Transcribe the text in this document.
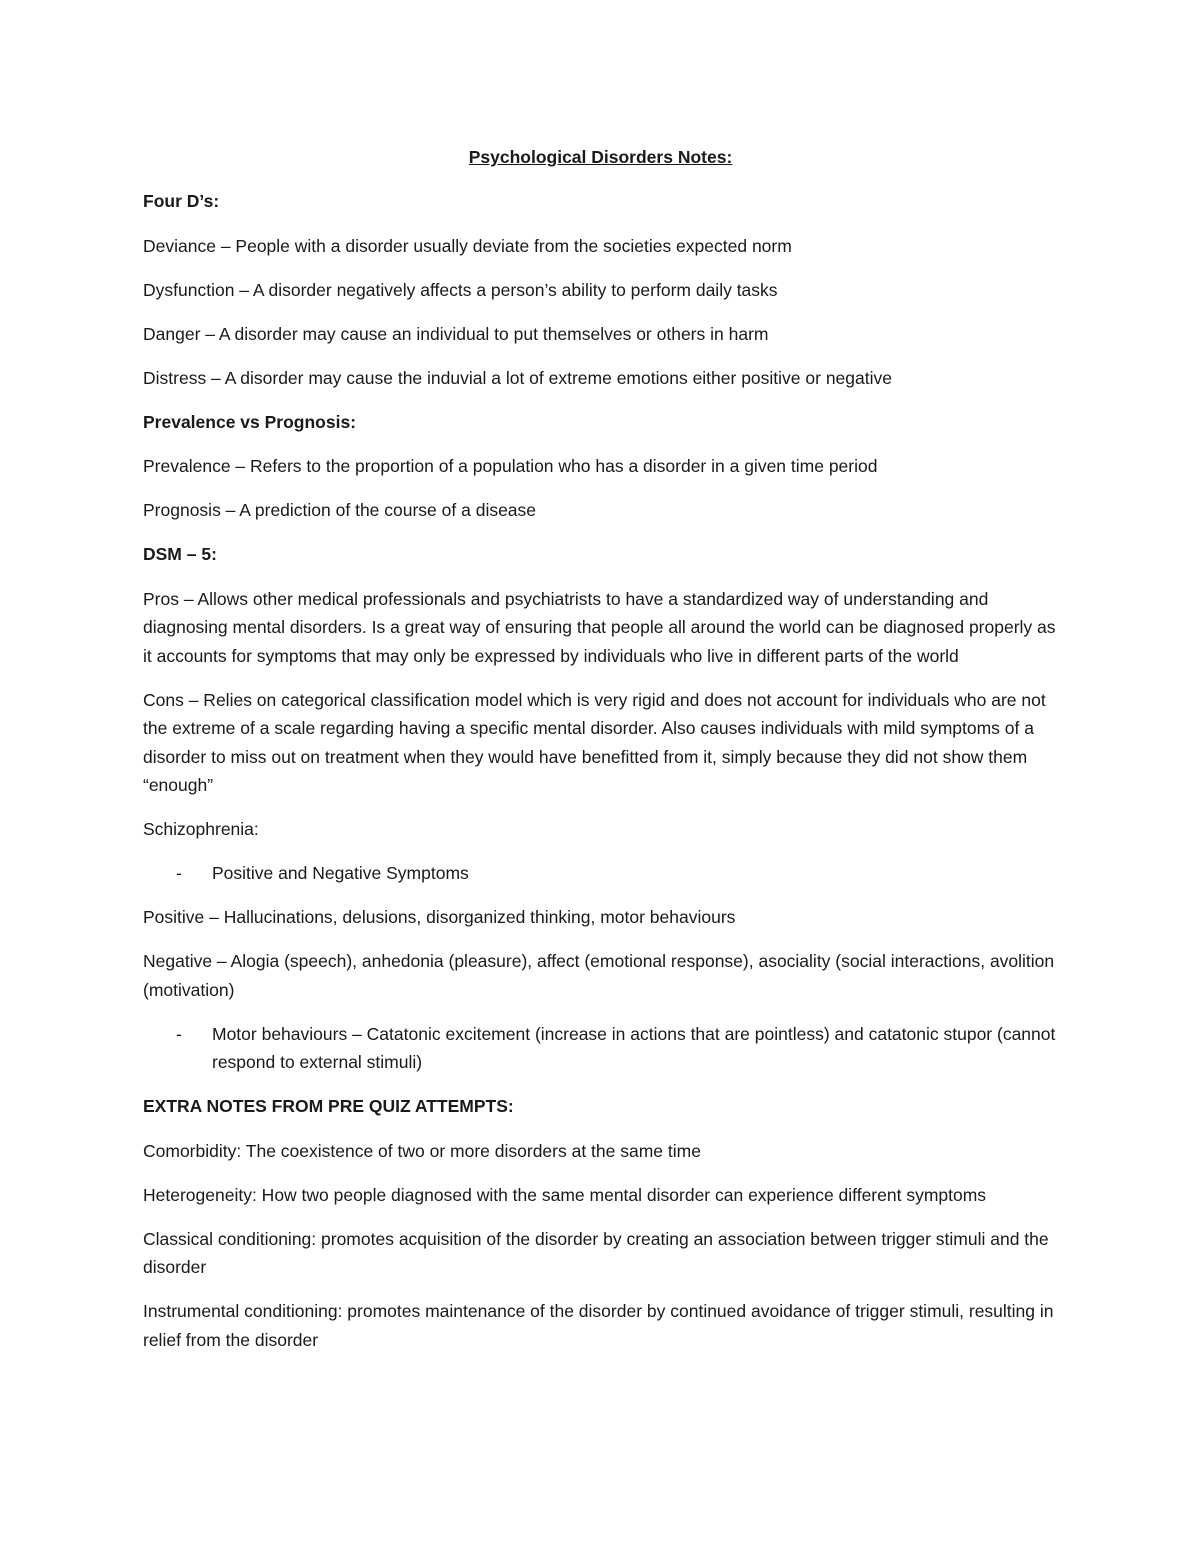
Psychological Disorders Notes:
Four D’s:
Deviance – People with a disorder usually deviate from the societies expected norm
Dysfunction – A disorder negatively affects a person’s ability to perform daily tasks
Danger – A disorder may cause an individual to put themselves or others in harm
Distress – A disorder may cause the induvial a lot of extreme emotions either positive or negative
Prevalence vs Prognosis:
Prevalence – Refers to the proportion of a population who has a disorder in a given time period
Prognosis – A prediction of the course of a disease
DSM – 5:
Pros – Allows other medical professionals and psychiatrists to have a standardized way of understanding and diagnosing mental disorders. Is a great way of ensuring that people all around the world can be diagnosed properly as it accounts for symptoms that may only be expressed by individuals who live in different parts of the world
Cons – Relies on categorical classification model which is very rigid and does not account for individuals who are not the extreme of a scale regarding having a specific mental disorder. Also causes individuals with mild symptoms of a disorder to miss out on treatment when they would have benefitted from it, simply because they did not show them “enough”
Schizophrenia:
- Positive and Negative Symptoms
Positive – Hallucinations, delusions, disorganized thinking, motor behaviours
Negative – Alogia (speech), anhedonia (pleasure), affect (emotional response), asociality (social interactions, avolition (motivation)
- Motor behaviours – Catatonic excitement (increase in actions that are pointless) and catatonic stupor (cannot respond to external stimuli)
EXTRA NOTES FROM PRE QUIZ ATTEMPTS:
Comorbidity: The coexistence of two or more disorders at the same time
Heterogeneity: How two people diagnosed with the same mental disorder can experience different symptoms
Classical conditioning: promotes acquisition of the disorder by creating an association between trigger stimuli and the disorder
Instrumental conditioning: promotes maintenance of the disorder by continued avoidance of trigger stimuli, resulting in relief from the disorder
